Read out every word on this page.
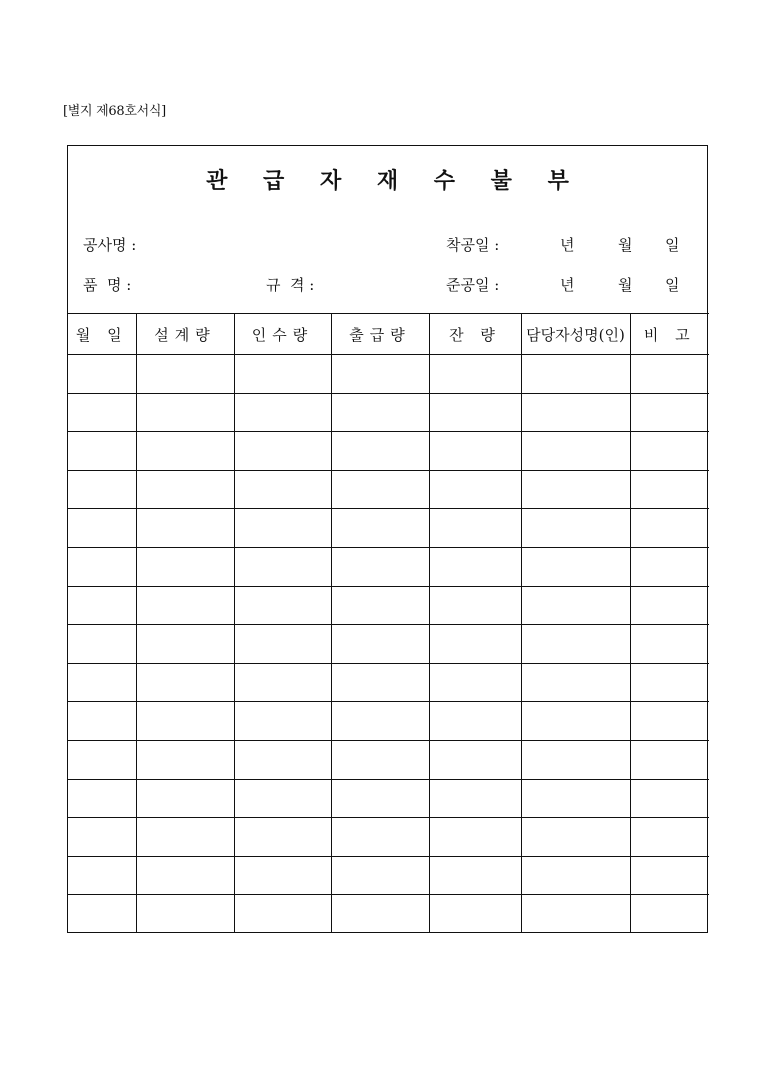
[별지 제68호서식]
관 급 자 재 수 불 부
공사명 :	착공일 :	년	월 일
품  명 :	규  격 :	준공일 :	년	월 일
월 일	설계량	인수량	출급량	잔 량	담당자성명(인)	비 고
